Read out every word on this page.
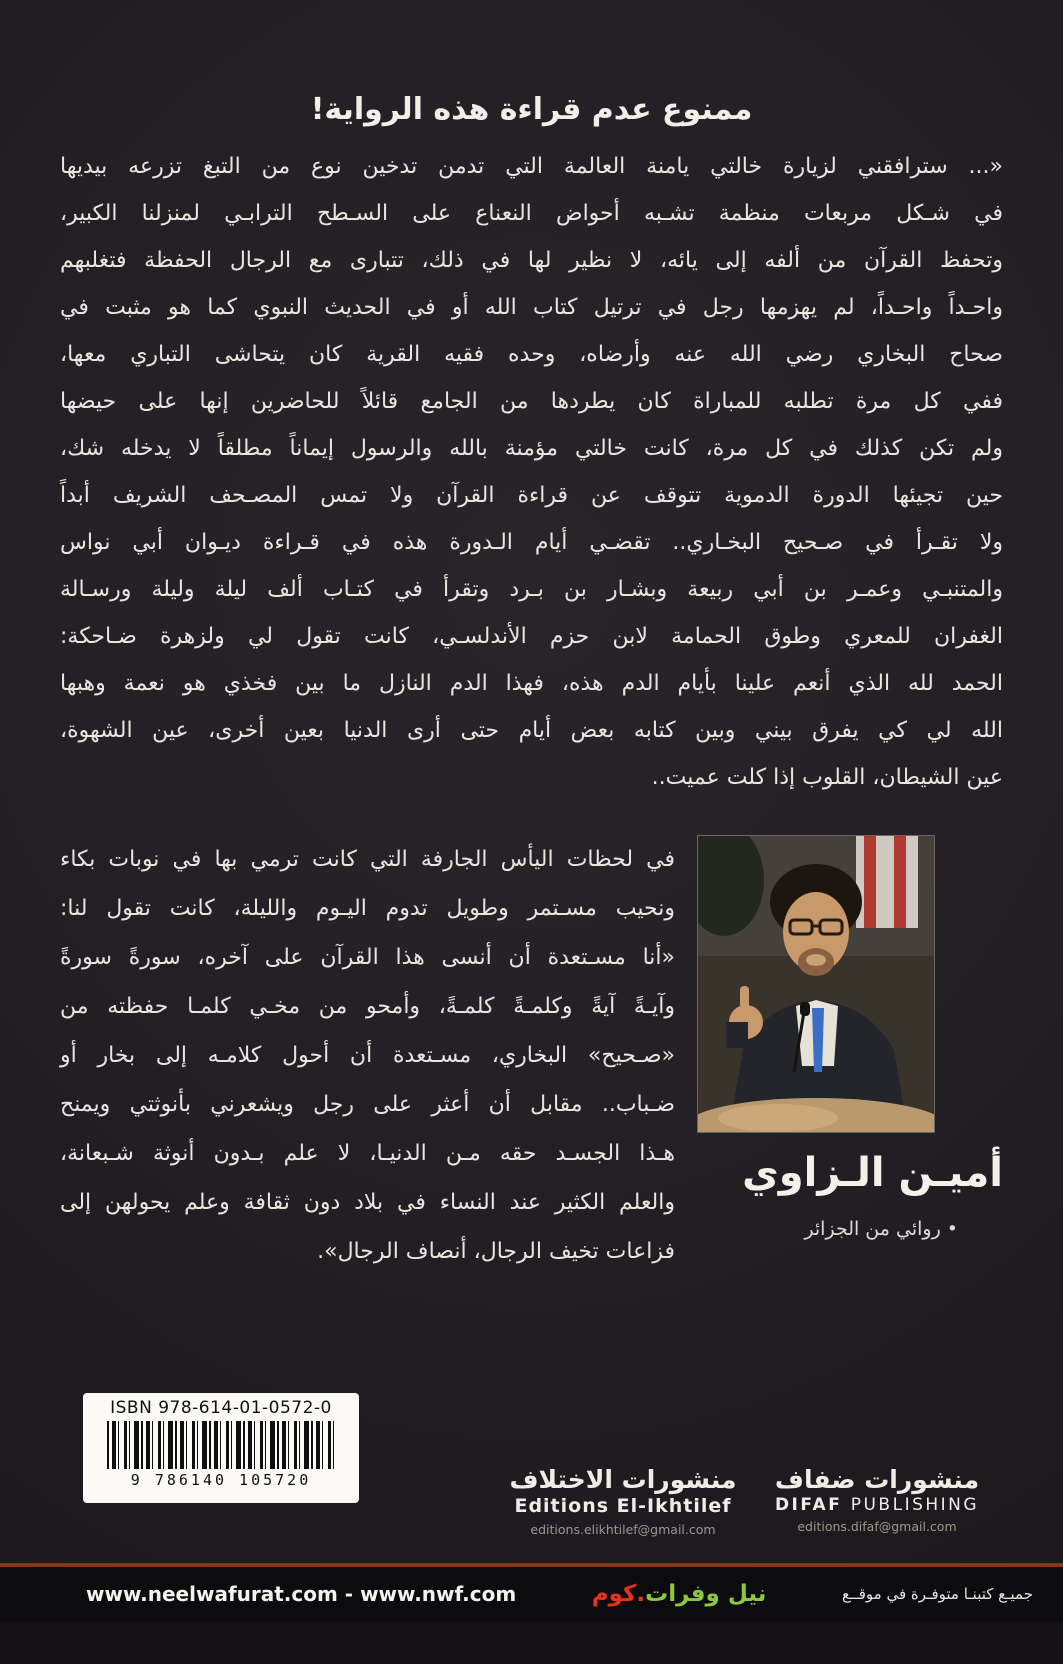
ممنوع عدم قراءة هذه الرواية!
«... سترافقني لزيارة خالتي يامنة العالمة التي تدمن تدخين نوع من التبغ تزرعه بيديها
في شـكل مربعات منظمة تشـبه أحواض النعناع على السـطح الترابـي لمنزلنا الكبير،
وتحفظ القرآن من ألفه إلى يائه، لا نظير لها في ذلك، تتبارى مع الرجال الحفظة فتغلبهم
واحـداً واحـداً، لم يهزمها رجل في ترتيل كتاب الله أو في الحديث النبوي كما هو مثبت في
صحاح البخاري رضي الله عنه وأرضاه، وحده فقيه القرية كان يتحاشى التباري معها،
ففي كل مرة تطلبه للمباراة كان يطردها من الجامع قائلاً للحاضرين إنها على حيضها
ولم تكن كذلك في كل مرة، كانت خالتي مؤمنة بالله والرسول إيماناً مطلقاً لا يدخله شك،
حين تجيئها الدورة الدموية تتوقف عن قراءة القرآن ولا تمس المصـحف الشريف أبداً
ولا تقـرأ في صـحيح البخـاري.. تقضـي أيام الـدورة هذه في قـراءة ديـوان أبي نواس
والمتنبـي وعمـر بن أبي ربيعة وبشـار بن بـرد وتقرأ في كتـاب ألف ليلة وليلة ورسـالة
الغفران للمعري وطوق الحمامة لابن حزم الأندلسـي، كانت تقول لي ولزهرة ضـاحكة:
الحمد لله الذي أنعم علينا بأيام الدم هذه، فهذا الدم النازل ما بين فخذي هو نعمة وهبها
الله لي كي يفرق بيني وبين كتابه بعض أيام حتى أرى الدنيا بعين أخرى، عين الشهوة،
عين الشيطان، القلوب إذا كلت عميت..
أميـن الـزاوي
• روائي من الجزائر
في لحظات اليأس الجارفة التي كانت ترمي بها في نوبات بكاء
ونحيب مسـتمر وطويل تدوم اليـوم والليلة، كانت تقول لنا:
«أنا مسـتعدة أن أنسى هذا القرآن على آخره، سورةً سورةً
وآيـةً آيةً وكلمـةً كلمـةً، وأمحو من مخـي كلمـا حفظته من
«صـحيح» البخاري، مسـتعدة أن أحول كلامـه إلى بخار أو
ضـباب.. مقابل أن أعثر على رجل ويشعرني بأنوثتي ويمنح
هـذا الجسـد حقه مـن الدنيـا، لا علم بـدون أنوثة شـبعانة،
والعلم الكثير عند النساء في بلاد دون ثقافة وعلم يحولهن إلى
فزاعات تخيف الرجال، أنصاف الرجال».
ISBN 978-614-01-0572-0
9 786140 105720	منشورات الاختلاف
Editions El-Ikhtilef
editions.elikhtilef@gmail.com
منشورات ضفاف
DIFAF PUBLISHING
editions.difaf@gmail.com
www.neelwafurat.com - www.nwf.com	نيل وفرات.كوم	جميـع كتبنـا متوفـرة في موقــع
